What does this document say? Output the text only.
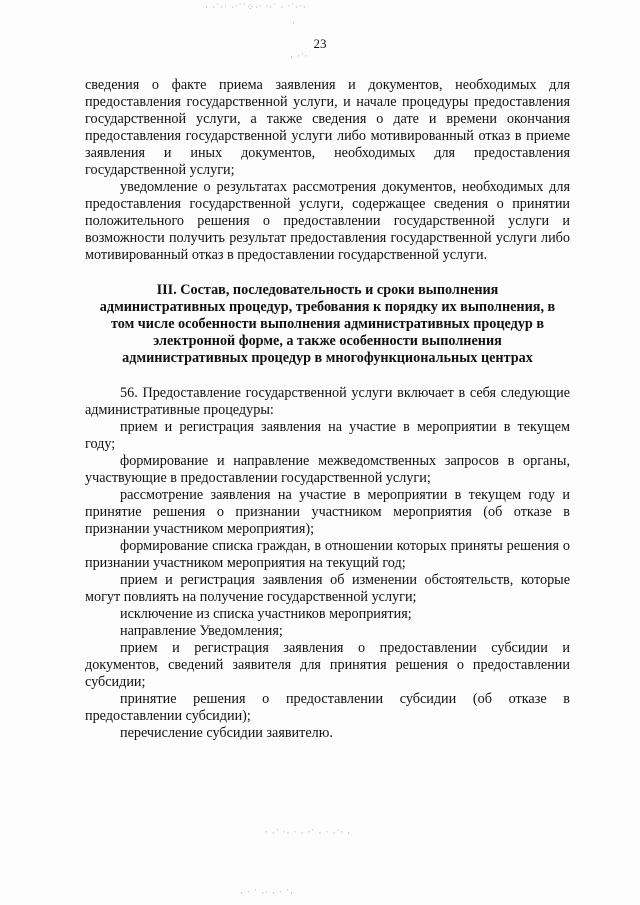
· ·˙·ˑ ·ˑ˙˙⁘·ˑ ˑ·˙ · ˑ˙·ˑ·
·
· ˑ˙ˑ
23

сведения о факте приема заявления и документов, необходимых для предоставления государственной услуги, и начале процедуры предоставления государственной услуги, а также сведения о дате и времени окончания предоставления государственной услуги либо мотивированный отказ в приеме заявления и иных документов, необходимых для предоставления государственной услуги;

уведомление о результатах рассмотрения документов, необходимых для предоставления государственной услуги, содержащее сведения о принятии положительного решения о предоставлении государственной услуги и возможности получить результат предоставления государственной услуги либо мотивированный отказ в предоставлении государственной услуги.

III. Состав, последовательность и сроки выполнения
административных процедур, требования к порядку их выполнения, в
том числе особенности выполнения административных процедур в
электронной форме, а также особенности выполнения
административных процедур в многофункциональных центрах

56. Предоставление государственной услуги включает в себя следующие административные процедуры:

прием и регистрация заявления на участие в мероприятии в текущем году;

формирование и направление межведомственных запросов в органы, участвующие в предоставлении государственной услуги;

рассмотрение заявления на участие в мероприятии в текущем году и принятие решения о признании участником мероприятия (об отказе в признании участником мероприятия);

формирование списка граждан, в отношении которых приняты решения о признании участником мероприятия на текущий год;

прием и регистрация заявления об изменении обстоятельств, которые могут повлиять на получение государственной услуги;

исключение из списка участников мероприятия;

направление Уведомления;

прием и регистрация заявления о предоставлении субсидии и документов, сведений заявителя для принятия решения о предоставлении субсидии;

принятие решения о предоставлении субсидии (об отказе в предоставлении субсидии);

перечисление субсидии заявителю.

ˑ ·˙ ˑ· ˑ · ˑ˙ · ˑ ·˙ˑ ·
· ˑ ˙ ·ˑ · ˑ ˙·
